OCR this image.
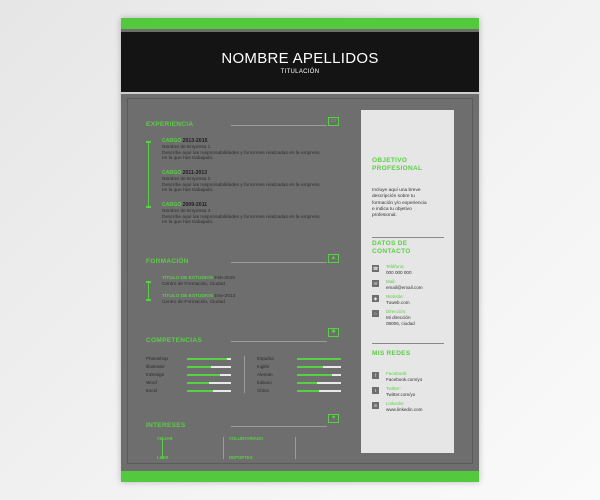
NOMBRE APELLIDOS
TITULACIÓN
EXPERIENCIA	▭
CARGO 2013-2015
Nombre de Empresa 1
Describe aquí las responsabilidades y funciones realizadas en la empresa
en la que has trabajado.
CARGO 2011-2013
Nombre de Empresa 2
Describe aquí las responsabilidades y funciones realizadas en la empresa
en la que has trabajado.
CARGO 2009-2011
Nombre de Empresa 3
Describe aquí las responsabilidades y funciones realizadas en la empresa
en la que has trabajado.
FORMACIÓN	▲
TÍTULO DE ESTUDIOS Feb-2015
Centro de Formación, Ciudad
TÍTULO DE ESTUDIOS Ene-2013
Centro de Formación, Ciudad
COMPETENCIAS
✱
Photoshop
Illustrator
InDesign
Word
Excel
Español
Inglés
Alemán
Italiano
Chino
INTERESES
♥
VIAJAR	VOLUNTARIADO
LEER	DEPORTES
OBJETIVO
PROFESIONAL
Incluye aquí una breve
descripción sobre tu
formación y/o experiencia
e indica tu objetivo
profesional.
DATOS DE
CONTACTO
☎ Teléfono:
000 000 000
✉	Mail:
email@email.com
◆	Website:
Tuweb.com
⌂	Dirección:
Mi dirección
08006, ciudad
MIS REDES
f	Facebook:
Facebook.com/yo
t	Twitter:
Twitter.com/yo
in	Linkedin:
www.linkedin.com
